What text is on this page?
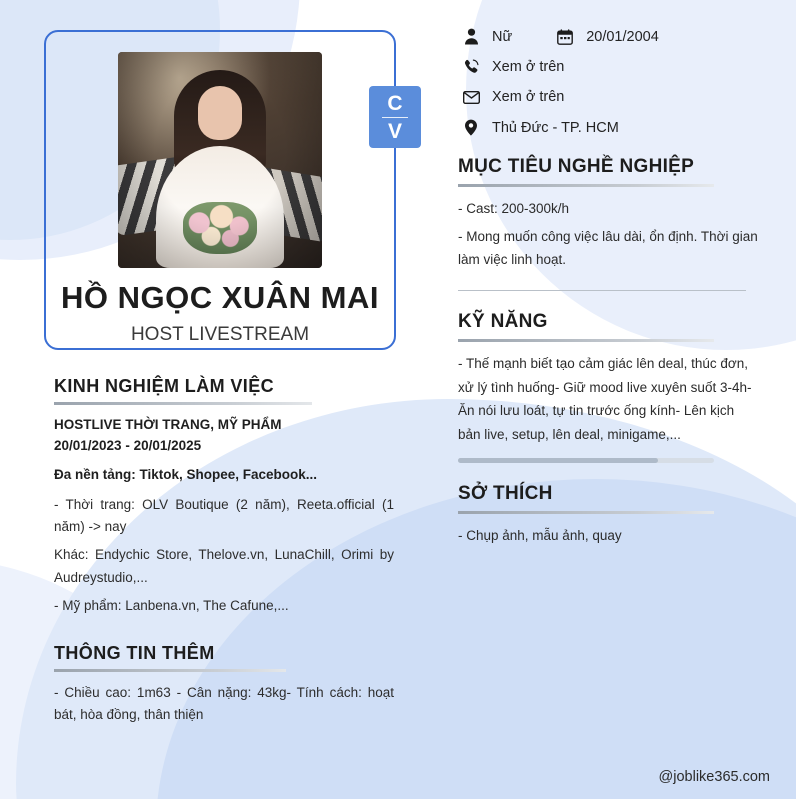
C
V
HỒ NGỌC XUÂN MAI
HOST LIVESTREAM
KINH NGHIỆM LÀM VIỆC
HOSTLIVE THỜI TRANG, MỸ PHẨM
20/01/2023 - 20/01/2025
Đa nền tảng: Tiktok, Shopee, Facebook...
- Thời trang: OLV Boutique (2 năm), Reeta.official (1 năm) -> nay
Khác: Endychic Store, Thelove.vn, LunaChill, Orimi by Audreystudio,...
- Mỹ phẩm: Lanbena.vn, The Cafune,...
THÔNG TIN THÊM
- Chiều cao: 1m63 - Cân nặng: 43kg- Tính cách: hoạt bát, hòa đồng, thân thiện
Nữ	20/01/2004
Xem ở trên
Xem ở trên
Thủ Đức - TP. HCM
MỤC TIÊU NGHỀ NGHIỆP
- Cast: 200-300k/h
- Mong muốn công việc lâu dài, ổn định. Thời gian làm việc linh hoạt.
KỸ NĂNG
- Thế mạnh biết tạo cảm giác lên deal, thúc đơn, xử lý tình huống- Giữ mood live xuyên suốt 3-4h- Ăn nói lưu loát, tự tin trước ống kính- Lên kịch bản live, setup, lên deal, minigame,...
SỞ THÍCH
- Chụp ảnh, mẫu ảnh, quay
@joblike365.com
